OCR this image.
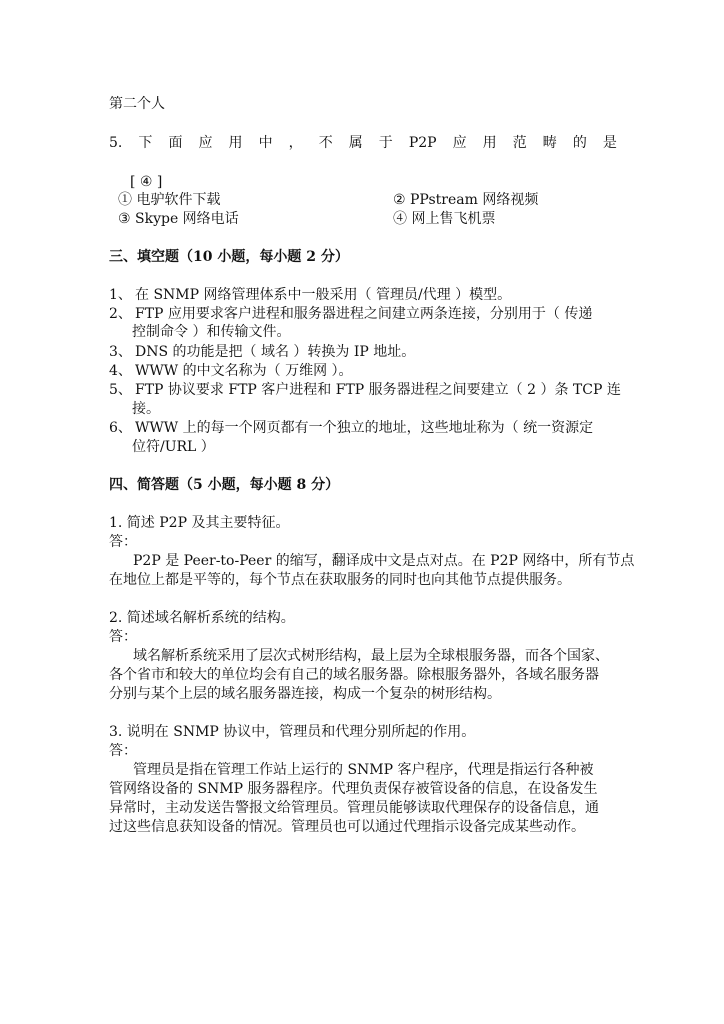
第二个人
5. 下 面 应 用 中 ， 不 属 于 P2P 应 用 范 畴 的 是
[ ④ ]
① 电驴软件下载	② PPstream 网络视频
③ Skype 网络电话	④ 网上售飞机票
三、填空题（10 小题，每小题 2 分）
1、 在 SNMP 网络管理体系中一般采用（ 管理员/代理 ）模型。
2、 FTP 应用要求客户进程和服务器进程之间建立两条连接，分别用于（ 传递
控制命令 ）和传输文件。
3、 DNS 的功能是把（ 域名 ）转换为 IP 地址。
4、 WWW 的中文名称为（ 万维网 ）。
5、 FTP 协议要求 FTP 客户进程和 FTP 服务器进程之间要建立（ 2 ）条 TCP 连
接。
6、 WWW 上的每一个网页都有一个独立的地址，这些地址称为（ 统一资源定
位符/URL ）
四、简答题（5 小题，每小题 8 分）
1. 简述 P2P 及其主要特征。
答：
P2P 是 Peer-to-Peer 的缩写，翻译成中文是点对点。在 P2P 网络中，所有节点
在地位上都是平等的，每个节点在获取服务的同时也向其他节点提供服务。
2. 简述域名解析系统的结构。
答：
域名解析系统采用了层次式树形结构，最上层为全球根服务器，而各个国家、
各个省市和较大的单位均会有自己的域名服务器。除根服务器外，各域名服务器
分别与某个上层的域名服务器连接，构成一个复杂的树形结构。
3. 说明在 SNMP 协议中，管理员和代理分别所起的作用。
答：
管理员是指在管理工作站上运行的 SNMP 客户程序，代理是指运行各种被
管网络设备的 SNMP 服务器程序。代理负责保存被管设备的信息，在设备发生
异常时，主动发送告警报文给管理员。管理员能够读取代理保存的设备信息，通
过这些信息获知设备的情况。管理员也可以通过代理指示设备完成某些动作。
